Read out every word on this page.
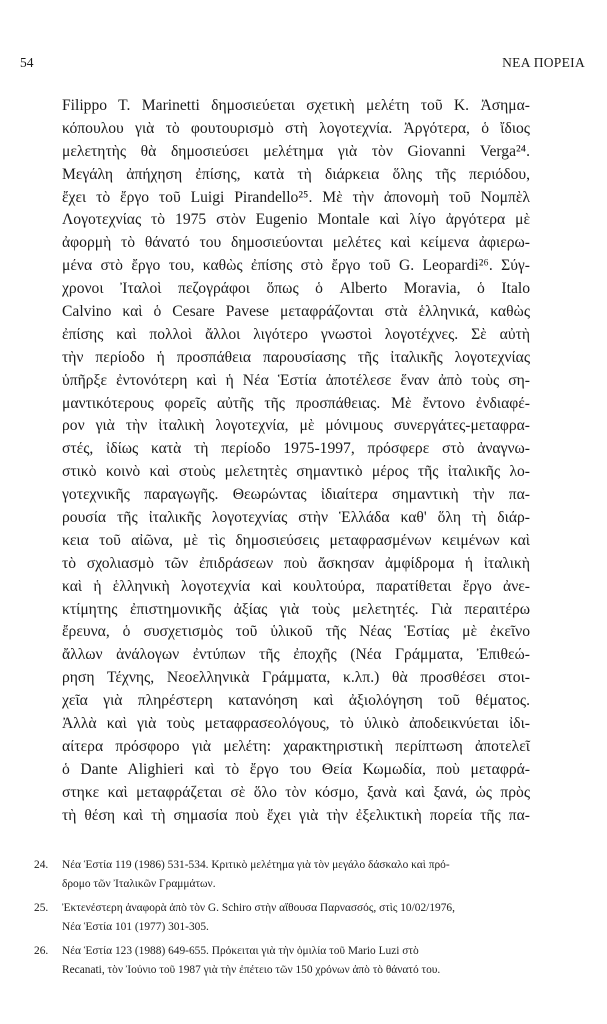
54	ΝΕΑ ΠΟΡΕΙΑ
Filippo T. Marinetti δημοσιεύεται σχετικὴ μελέτη τοῦ Κ. Ἀσημα-
κόπουλου γιὰ τὸ φουτουρισμὸ στὴ λογοτεχνία. Ἀργότερα, ὁ ἴδιος
μελετητὴς θὰ δημοσιεύσει μελέτημα γιὰ τὸν Giovanni Verga²⁴.
Μεγάλη ἀπήχηση ἐπίσης, κατὰ τὴ διάρκεια ὅλης τῆς περιόδου,
ἔχει τὸ ἔργο τοῦ Luigi Pirandello²⁵. Μὲ τὴν ἀπονομὴ τοῦ Νομπὲλ
Λογοτεχνίας τὸ 1975 στὸν Eugenio Montale καὶ λίγο ἀργότερα μὲ
ἀφορμὴ τὸ θάνατό του δημοσιεύονται μελέτες καὶ κείμενα ἀφιερω-
μένα στὸ ἔργο του, καθὼς ἐπίσης στὸ ἔργο τοῦ G. Leopardi²⁶. Σύγ-
χρονοι Ἰταλοὶ πεζογράφοι ὅπως ὁ Alberto Moravia, ὁ Italo
Calvino καὶ ὁ Cesare Pavese μεταφράζονται στὰ ἑλληνικά, καθὼς
ἐπίσης καὶ πολλοὶ ἄλλοι λιγότερο γνωστοὶ λογοτέχνες. Σὲ αὐτὴ
τὴν περίοδο ἡ προσπάθεια παρουσίασης τῆς ἰταλικῆς λογοτεχνίας
ὑπῆρξε ἐντονότερη καὶ ἡ Νέα Ἑστία ἀποτέλεσε ἕναν ἀπὸ τοὺς ση-
μαντικότερους φορεῖς αὐτῆς τῆς προσπάθειας. Μὲ ἔντονο ἐνδιαφέ-
ρον γιὰ τὴν ἰταλικὴ λογοτεχνία, μὲ μόνιμους συνεργάτες-μεταφρα-
στές, ἰδίως κατὰ τὴ περίοδο 1975-1997, πρόσφερε στὸ ἀναγνω-
στικὸ κοινὸ καὶ στοὺς μελετητὲς σημαντικὸ μέρος τῆς ἰταλικῆς λο-
γοτεχνικῆς παραγωγῆς. Θεωρώντας ἰδιαίτερα σημαντικὴ τὴν πα-
ρουσία τῆς ἰταλικῆς λογοτεχνίας στὴν Ἑλλάδα καθ' ὅλη τὴ διάρ-
κεια τοῦ αἰῶνα, μὲ τὶς δημοσιεύσεις μεταφρασμένων κειμένων καὶ
τὸ σχολιασμὸ τῶν ἐπιδράσεων ποὺ ἄσκησαν ἀμφίδρομα ἡ ἰταλικὴ
καὶ ἡ ἑλληνικὴ λογοτεχνία καὶ κουλτούρα, παρατίθεται ἔργο ἀνε-
κτίμητης ἐπιστημονικῆς ἀξίας γιὰ τοὺς μελετητές. Γιὰ περαιτέρω
ἔρευνα, ὁ συσχετισμὸς τοῦ ὑλικοῦ τῆς Νέας Ἑστίας μὲ ἐκεῖνο
ἄλλων ἀνάλογων ἐντύπων τῆς ἐποχῆς (Νέα Γράμματα, Ἐπιθεώ-
ρηση Τέχνης, Νεοελληνικὰ Γράμματα, κ.λπ.) θὰ προσθέσει στοι-
χεῖα γιὰ πληρέστερη κατανόηση καὶ ἀξιολόγηση τοῦ θέματος.
Ἀλλὰ καὶ γιὰ τοὺς μεταφρασεολόγους, τὸ ὑλικὸ ἀποδεικνύεται ἰδι-
αίτερα πρόσφορο γιὰ μελέτη: χαρακτηριστικὴ περίπτωση ἀποτελεῖ
ὁ Dante Alighieri καὶ τὸ ἔργο του Θεία Κωμωδία, ποὺ μεταφρά-
στηκε καὶ μεταφράζεται σὲ ὅλο τὸν κόσμο, ξανὰ καὶ ξανά, ὡς πρὸς
τὴ θέση καὶ τὴ σημασία ποὺ ἔχει γιὰ τὴν ἐξελικτικὴ πορεία τῆς πα-
24. Νέα Ἑστία 119 (1986) 531-534. Κριτικὸ μελέτημα γιὰ τὸν μεγάλο δάσκαλο καὶ πρό-
δρομο τῶν Ἰταλικῶν Γραμμάτων.
25. Ἐκτενέστερη ἀναφορὰ ἀπὸ τὸν G. Schiro στὴν αἴθουσα Παρνασσός, στὶς 10/02/1976,
Νέα Ἑστία 101 (1977) 301-305.
26. Νέα Ἑστία 123 (1988) 649-655. Πρόκειται γιὰ τὴν ὁμιλία τοῦ Mario Luzi στὸ
Recanati, τὸν Ἰούνιο τοῦ 1987 γιὰ τὴν ἐπέτειο τῶν 150 χρόνων ἀπὸ τὸ θάνατό του.
